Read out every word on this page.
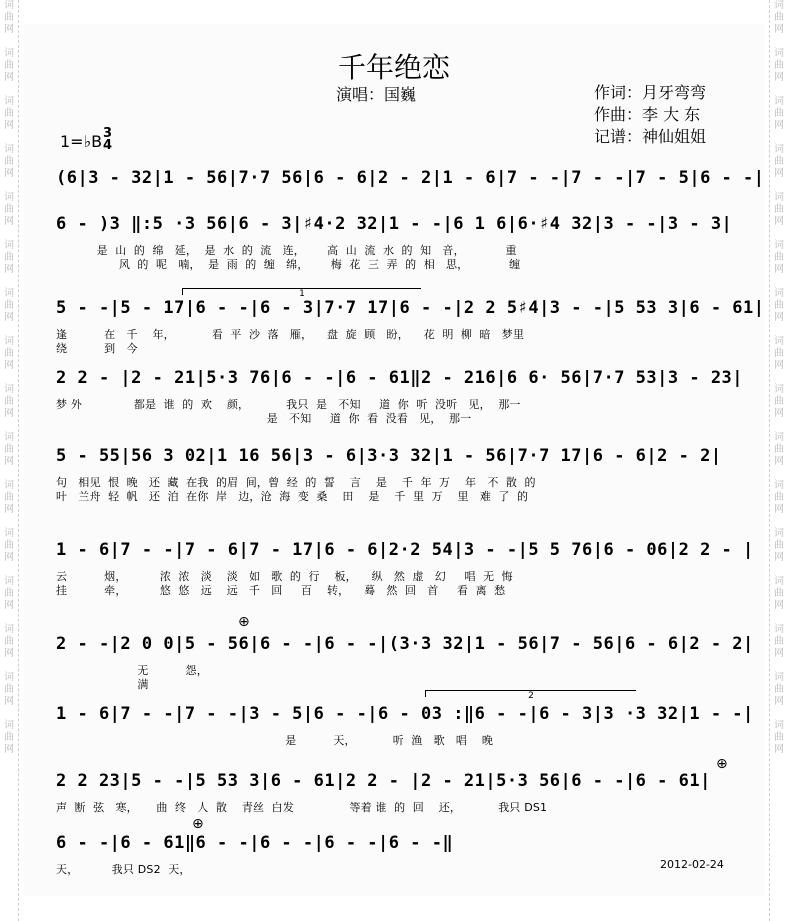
词
曲
网

词
曲
网

词
曲
网

词
曲
网

词
曲
网

词
曲
网

词
曲
网

词
曲
网

词
曲
网

词
曲
网

词
曲
网

词
曲
网

词
曲
网

词
曲
网

词
曲
网

词
曲
网

词
曲
网

词
曲
网

词
曲
网

词
曲
网

词
曲
网

词
曲
网

词
曲
网

词
曲
网

词
曲
网

词
曲
网

词
曲
网

词
曲
网

词
曲
网

词
曲
网

词
曲
网

词
曲
网

千年绝恋
演唱：国巍	作词：月牙弯弯
作曲：李 大 东
记谱：神仙姐姐
1=♭B 3
4
1
2
⊕
⊕
⊕
(6|3 - 32|1 - 56|7·7 56|6 - 6|2 - 2|1 - 6|7 - -|7 - -|7 - 5|6 - -|
6 - )3 ‖:5 ·3 56|6 - 3|♯4·2 32|1 - -|6 1 6|6·♯4 32|3 - -|3 - 3|
是  山  的  绵   延，  是  水  的  流   连，      高  山  流  水  的  知   音，           重
风  的  呢   喃，  是  雨  的  缠   绵，      梅  花  三  弄  的  相   思，           缠
5 - -|5 - 17|6 - -|6 - 3|7·7 17|6 - -|2 2 5♯4|3 - -|5 53 3|6 - 61|
逢          在   千    年，          看  平  沙  落   雁，    盘  旋  顾   盼，    花  明  柳  暗   梦里
绕          到   今
2 2 - |2 - 21|5·3 76|6 - -|6 - 61‖2 - 216|6 6· 56|7·7 53|3 - 23|
梦 外              都是  谁  的  欢    颜，          我只  是   不知     道  你  听  没听   见，  那一
是   不知     道  你  看  没看   见，  那一
5 - 55|56 3 02|1 16 56|3 - 6|3·3 32|1 - 56|7·7 17|6 - 6|2 - 2|
句   相见  恨  晚   还  藏  在我  的眉  间，曾  经  的  誓    言    是    千  年  万    年   不  散  的
叶   兰舟  轻  帆   还  泊  在你  岸   边，沧  海  变  桑    田    是    千  里  万    里   难  了  的
1 - 6|7 - -|7 - 6|7 - 17|6 - 6|2·2 54|3 - -|5 5 76|6 - 06|2 2 - |
云          烟，         浓  浓   淡    淡   如   歌  的  行    板，    纵   然  虚   幻     唱  无  悔
挂          牵，         悠  悠   远    远   千   回     百    转，    蓦   然  回   首     看  离  愁
2 - -|2 0 0|5 - 56|6 - -|6 - -|(3·3 32|1 - 56|7 - 56|6 - 6|2 - 2|
无          怨，
满
1 - 6|7 - -|7 - -|3 - 5|6 - -|6 - 03 :‖6 - -|6 - 3|3 ·3 32|1 - -|
是          天，          听  渔   歌   唱    晚
2 2 23|5 - -|5 53 3|6 - 61|2 2 - |2 - 21|5·3 56|6 - -|6 - 61|
声  断  弦   寒，     曲  终   人  散    青丝  白发               等着 谁  的  回    还，          我只 DS1
6 - -|6 - 61‖6 - -|6 - -|6 - -|6 - -‖
天，         我只 DS2  天，	2012-02-24
